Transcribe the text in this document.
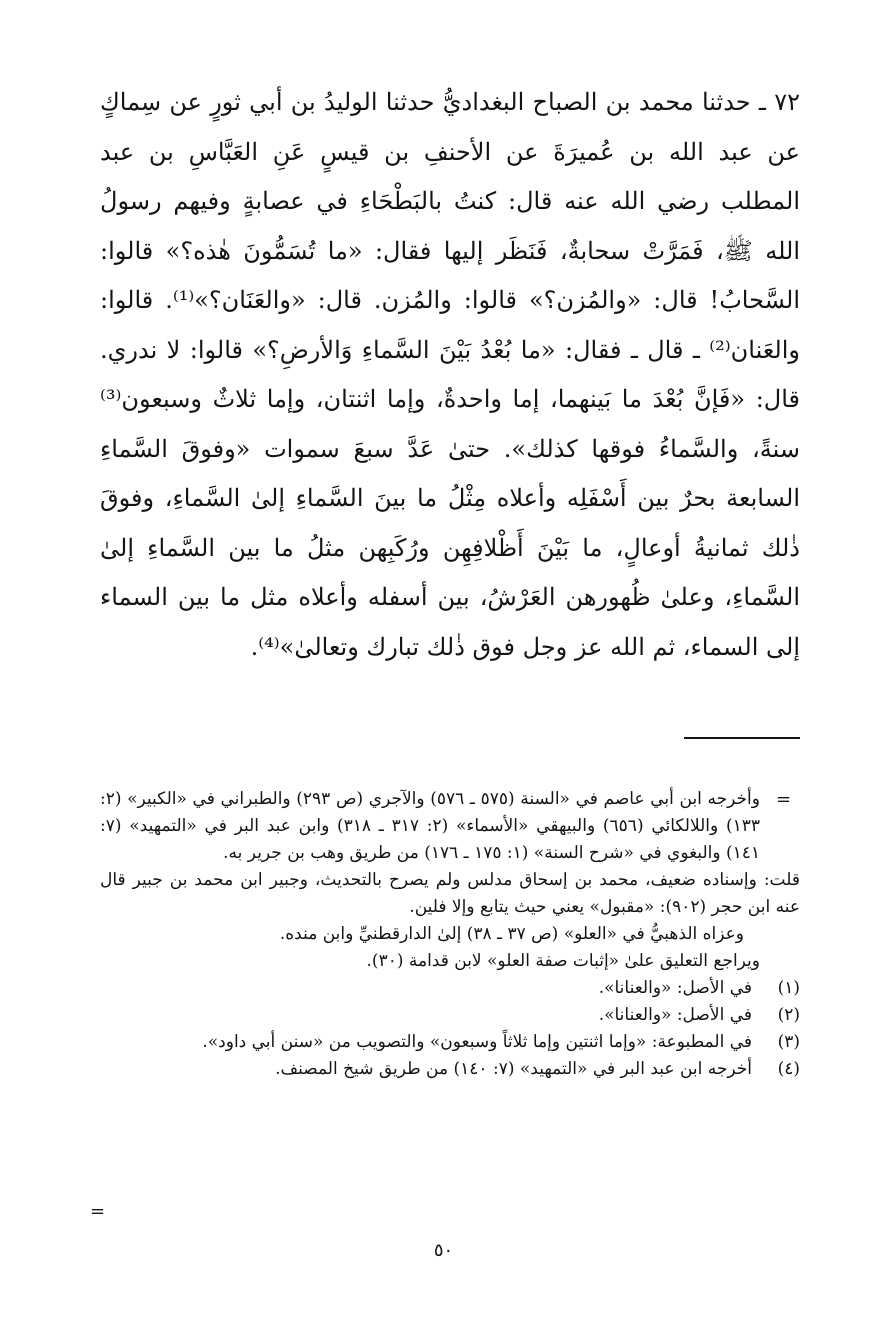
٧٢ ـ حدثنا محمد بن الصباح البغداديُّ حدثنا الوليدُ بن أبي ثورٍ عن سِماكٍ عن عبد الله بن عُميرَةَ عن الأحنفِ بن قيسٍ عَنِ العَبَّاسِ بن عبد المطلب رضي الله عنه قال: كنتُ بالبَطْحَاءِ في عصابةٍ وفيهم رسولُ الله ﷺ، فَمَرَّتْ سحابةٌ، فَنَظَر إليها فقال: «ما تُسَمُّونَ هٰذه؟» قالوا: السَّحابُ! قال: «والمُزن؟» قالوا: والمُزن. قال: «والعَنَان؟»⁽¹⁾. قالوا: والعَنان⁽²⁾ ـ قال ـ فقال: «ما بُعْدُ بَيْنَ السَّماءِ وَالأرضِ؟» قالوا: لا ندري. قال: «فَإنَّ بُعْدَ ما بَينهما، إما واحدةٌ، وإما اثنتان، وإما ثلاثٌ وسبعون⁽³⁾ سنةً، والسَّماءُ فوقها كذلك». حتىٰ عَدَّ سبعَ سموات «وفوقَ السَّماءِ السابعة بحرٌ بين أَسْفَلِه وأعلاه مِثْلُ ما بينَ السَّماءِ إلىٰ السَّماءِ، وفوقَ ذٰلك ثمانيةُ أوعالٍ، ما بَيْنَ أَظْلافِهِن ورُكَبِهن مثلُ ما بين السَّماءِ إلىٰ السَّماءِ، وعلىٰ ظُهورهن العَرْشُ، بين أسفله وأعلاه مثل ما بين السماء إلى السماء، ثم الله عز وجل فوق ذٰلك تبارك وتعالىٰ»⁽⁴⁾.

=

وأخرجه ابن أبي عاصم في «السنة (٥٧٥ ـ ٥٧٦) والآجري (ص ٢٩٣) والطبراني في «الكبير» (٢: ١٣٣) واللالكائي (٦٥٦) والبيهقي «الأسماء» (٢: ٣١٧ ـ ٣١٨) وابن عبد البر في «التمهيد» (٧: ١٤١) والبغوي في «شرح السنة» (١: ١٧٥ ـ ١٧٦) من طريق وهب بن جرير به.

قلت: وإسناده ضعيف، محمد بن إسحاق مدلس ولم يصرح بالتحديث، وجبير ابن محمد بن جبير قال عنه ابن حجر (٩٠٢): «مقبول» يعني حيث يتابع وإلا فلين.

وعزاه الذهبيُّ في «العلو» (ص ٣٧ ـ ٣٨) إلىٰ الدارقطنيِّ وابن منده.

ويراجع التعليق علىٰ «إثبات صفة العلو» لابن قدامة (٣٠).

(١)
في الأصل: «والعنانا».
(٢)
في الأصل: «والعنانا».
(٣)
في المطبوعة: «وإما اثنتين وإما ثلاثاً وسبعون» والتصويب من «سنن أبي داود».
(٤)
أخرجه ابن عبد البر في «التمهيد» (٧: ١٤٠) من طريق شيخ المصنف.
=
٥٠
